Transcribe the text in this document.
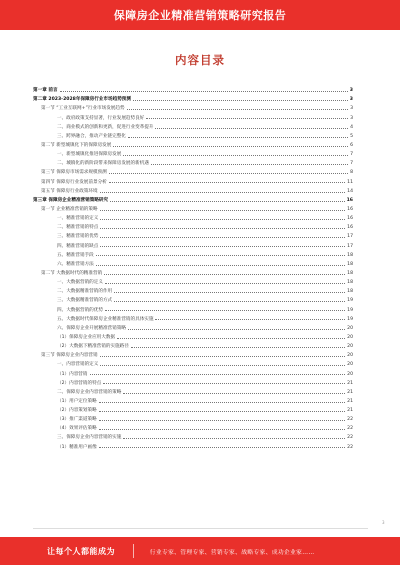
保障房企业精准营销策略研究报告
内容目录
第一章 前言	3
第二章 2023-2028年保障房行业市场趋势预测	3
第一节 “工业互联网+”行业市场发展趋势	3
一、政府政策支持显著，行业发展趋势良好	3
二、商业模式的创新和更新，促进行业变革提升	4
三、跨界融合，推动产业链完整化	5
第二节 新型城镇化下的保障房发展	6
一、新型城镇化推进保障房发展	7
二、城镇化的新阶段带来保障房发展的新机遇	7
第三节 保障房市场需求规模预测	8
第四节 保障房行业发展前景分析	11
第五节 保障房行业政策环境	14
第三章 保障房企业精准营销策略研究	16
第一节 企业精准营销的策略	16
一、精准营销的定义	16
二、精准营销的特点	16
三、精准营销的优势	17
四、精准营销的缺点	17
五、精准营销手段	18
六、精准营销方法	18
第二节 大数据时代的精准营销	18
一、大数据营销的定义	18
二、大数据精准营销的作用	18
三、大数据精准营销的方式	19
四、大数据营销的优势	19
五、大数据时代保障房企业精准营销的具体实施	19
六、保障房企业开展精准营销策略	20
（1）保障房企业应用大数据	20
（2）大数据下精准营销的实施路径	20
第三节 保障房企业内容营销	20
一、内容营销的定义	20
（1）内容营销	20
（2）内容营销的特点	21
二、保障房企业内容营销的策略	21
（1）用户定位策略	21
（2）内容策划策略	21
（3）推广渠道策略	22
（4）效果评估策略	22
三、保障房企业内容营销的实施	22
（1）精准用户画像	22
3
让每个人都能成为	行业专家、管理专家、营销专家、战略专家、成功企业家……
